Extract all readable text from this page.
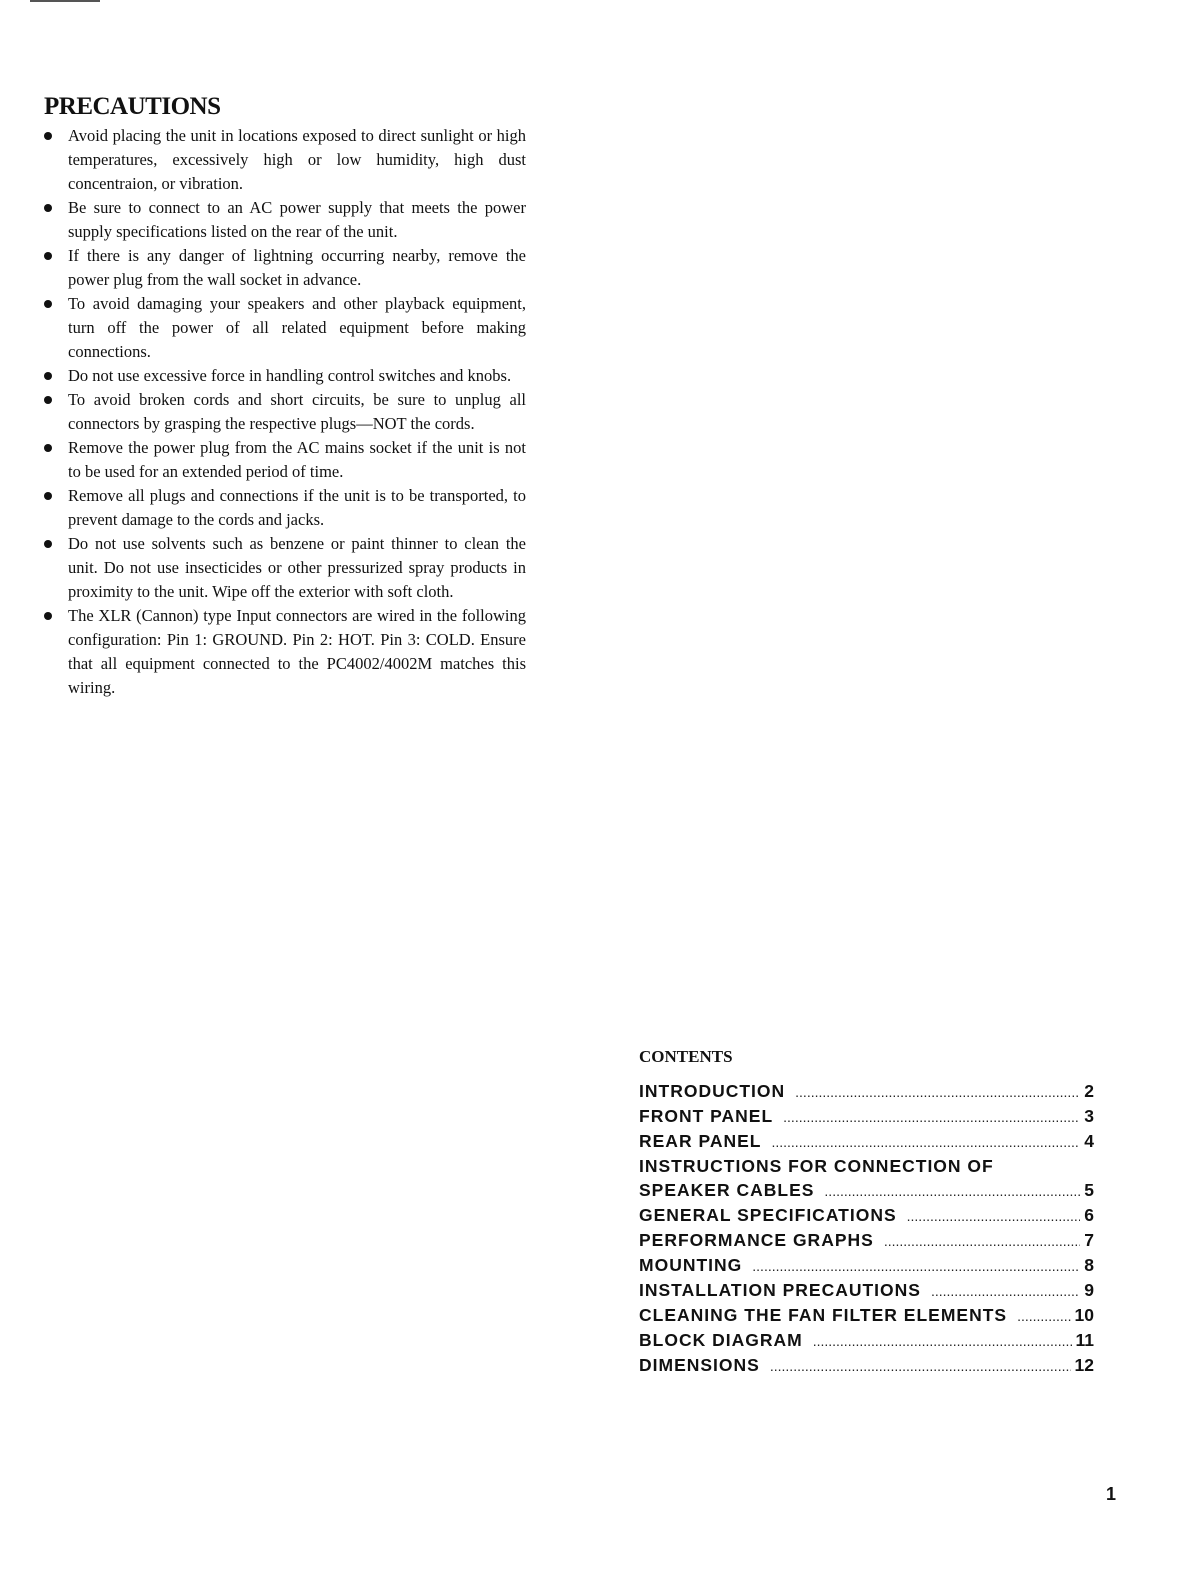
PRECAUTIONS
Avoid placing the unit in locations exposed to direct sunlight or high temperatures, excessively high or low humidity, high dust concentraion, or vibration.
Be sure to connect to an AC power supply that meets the power supply specifications listed on the rear of the unit.
If there is any danger of lightning occurring nearby, remove the power plug from the wall socket in advance.
To avoid damaging your speakers and other playback equipment, turn off the power of all related equipment before making connections.
Do not use excessive force in handling control switches and knobs.
To avoid broken cords and short circuits, be sure to unplug all connectors by grasping the respective plugs—NOT the cords.
Remove the power plug from the AC mains socket if the unit is not to be used for an extended period of time.
Remove all plugs and connections if the unit is to be transported, to prevent damage to the cords and jacks.
Do not use solvents such as benzene or paint thinner to clean the unit. Do not use insecticides or other pressurized spray products in proximity to the unit. Wipe off the exterior with soft cloth.
The XLR (Cannon) type Input connectors are wired in the following configuration: Pin 1: GROUND. Pin 2: HOT. Pin 3: COLD. Ensure that all equipment connected to the PC4002/4002M matches this wiring.
CONTENTS
INTRODUCTION .....	2
FRONT PANEL .....	3
REAR PANEL .....	4
INSTRUCTIONS FOR CONNECTION OF
SPEAKER CABLES .....	5
GENERAL SPECIFICATIONS .....	6
PERFORMANCE GRAPHS .....	7
MOUNTING .....	8
INSTALLATION PRECAUTIONS .....	9
CLEANING THE FAN FILTER ELEMENTS .....	10
BLOCK DIAGRAM .....	11
DIMENSIONS .....	12
1
